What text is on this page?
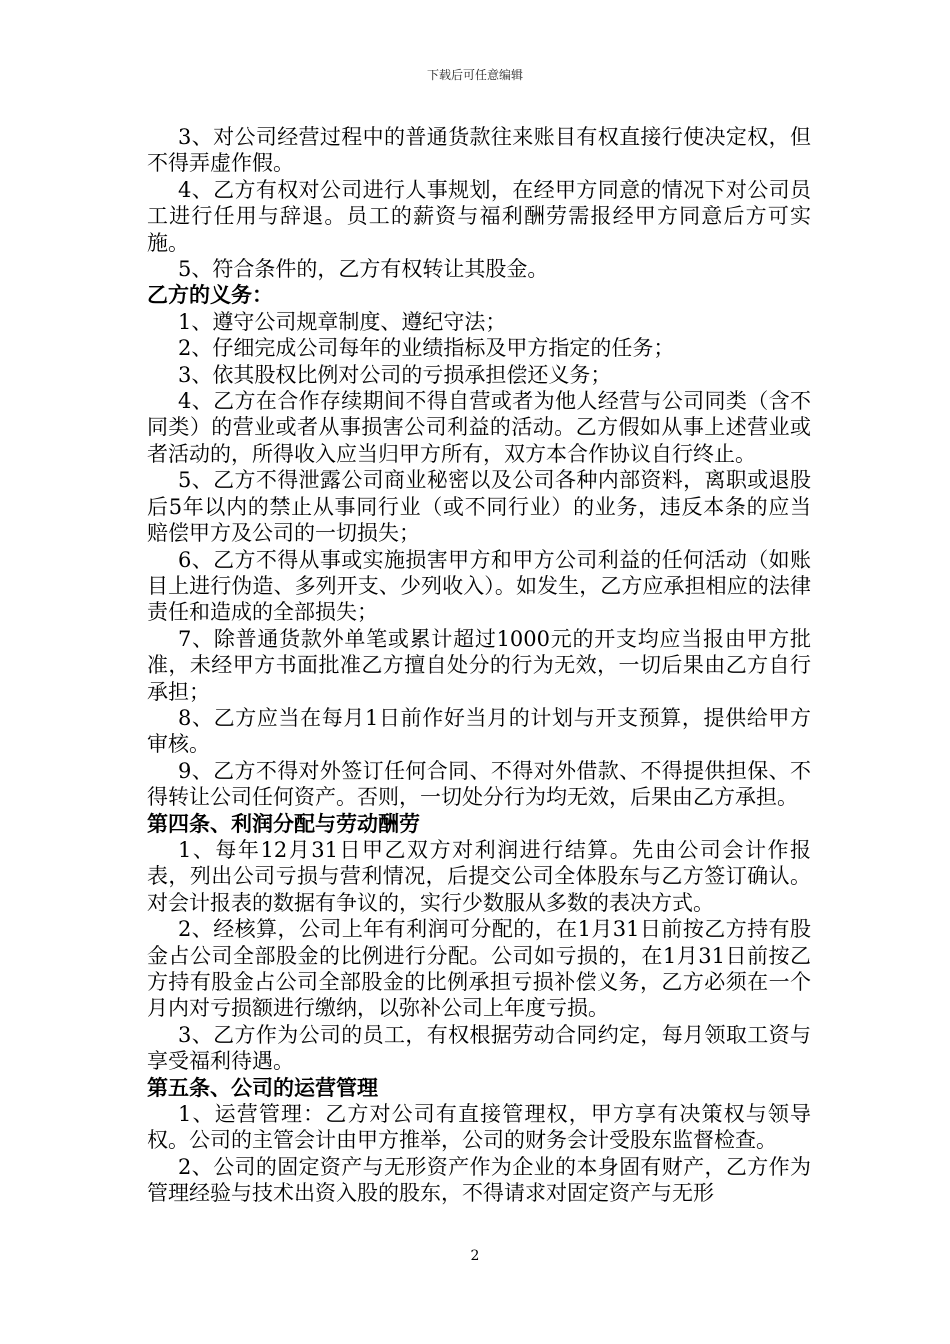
下载后可任意编辑

3、对公司经营过程中的普通货款往来账目有权直接行使决定权，但不得弄虚作假。

4、乙方有权对公司进行人事规划，在经甲方同意的情况下对公司员工进行任用与辞退。员工的薪资与福利酬劳需报经甲方同意后方可实施。

5、符合条件的，乙方有权转让其股金。

乙方的义务：

1、遵守公司规章制度、遵纪守法；

2、仔细完成公司每年的业绩指标及甲方指定的任务；

3、依其股权比例对公司的亏损承担偿还义务；

4、乙方在合作存续期间不得自营或者为他人经营与公司同类（含不同类）的营业或者从事损害公司利益的活动。乙方假如从事上述营业或者活动的，所得收入应当归甲方所有，双方本合作协议自行终止。

5、乙方不得泄露公司商业秘密以及公司各种内部资料，离职或退股后5年以内的禁止从事同行业（或不同行业）的业务，违反本条的应当赔偿甲方及公司的一切损失；

6、乙方不得从事或实施损害甲方和甲方公司利益的任何活动（如账目上进行伪造、多列开支、少列收入）。如发生，乙方应承担相应的法律责任和造成的全部损失；

7、除普通货款外单笔或累计超过1000元的开支均应当报由甲方批准，未经甲方书面批准乙方擅自处分的行为无效，一切后果由乙方自行承担；

8、乙方应当在每月1日前作好当月的计划与开支预算，提供给甲方审核。

9、乙方不得对外签订任何合同、不得对外借款、不得提供担保、不得转让公司任何资产。否则，一切处分行为均无效，后果由乙方承担。

第四条、利润分配与劳动酬劳

1、每年12月31日甲乙双方对利润进行结算。先由公司会计作报表，列出公司亏损与营利情况，后提交公司全体股东与乙方签订确认。对会计报表的数据有争议的，实行少数服从多数的表决方式。

2、经核算，公司上年有利润可分配的，在1月31日前按乙方持有股金占公司全部股金的比例进行分配。公司如亏损的，在1月31日前按乙方持有股金占公司全部股金的比例承担亏损补偿义务，乙方必须在一个月内对亏损额进行缴纳，以弥补公司上年度亏损。

3、乙方作为公司的员工，有权根据劳动合同约定，每月领取工资与享受福利待遇。

第五条、公司的运营管理

1、运营管理：乙方对公司有直接管理权，甲方享有决策权与领导权。公司的主管会计由甲方推举，公司的财务会计受股东监督检查。

2、公司的固定资产与无形资产作为企业的本身固有财产，乙方作为管理经验与技术出资入股的股东，不得请求对固定资产与无形

2
